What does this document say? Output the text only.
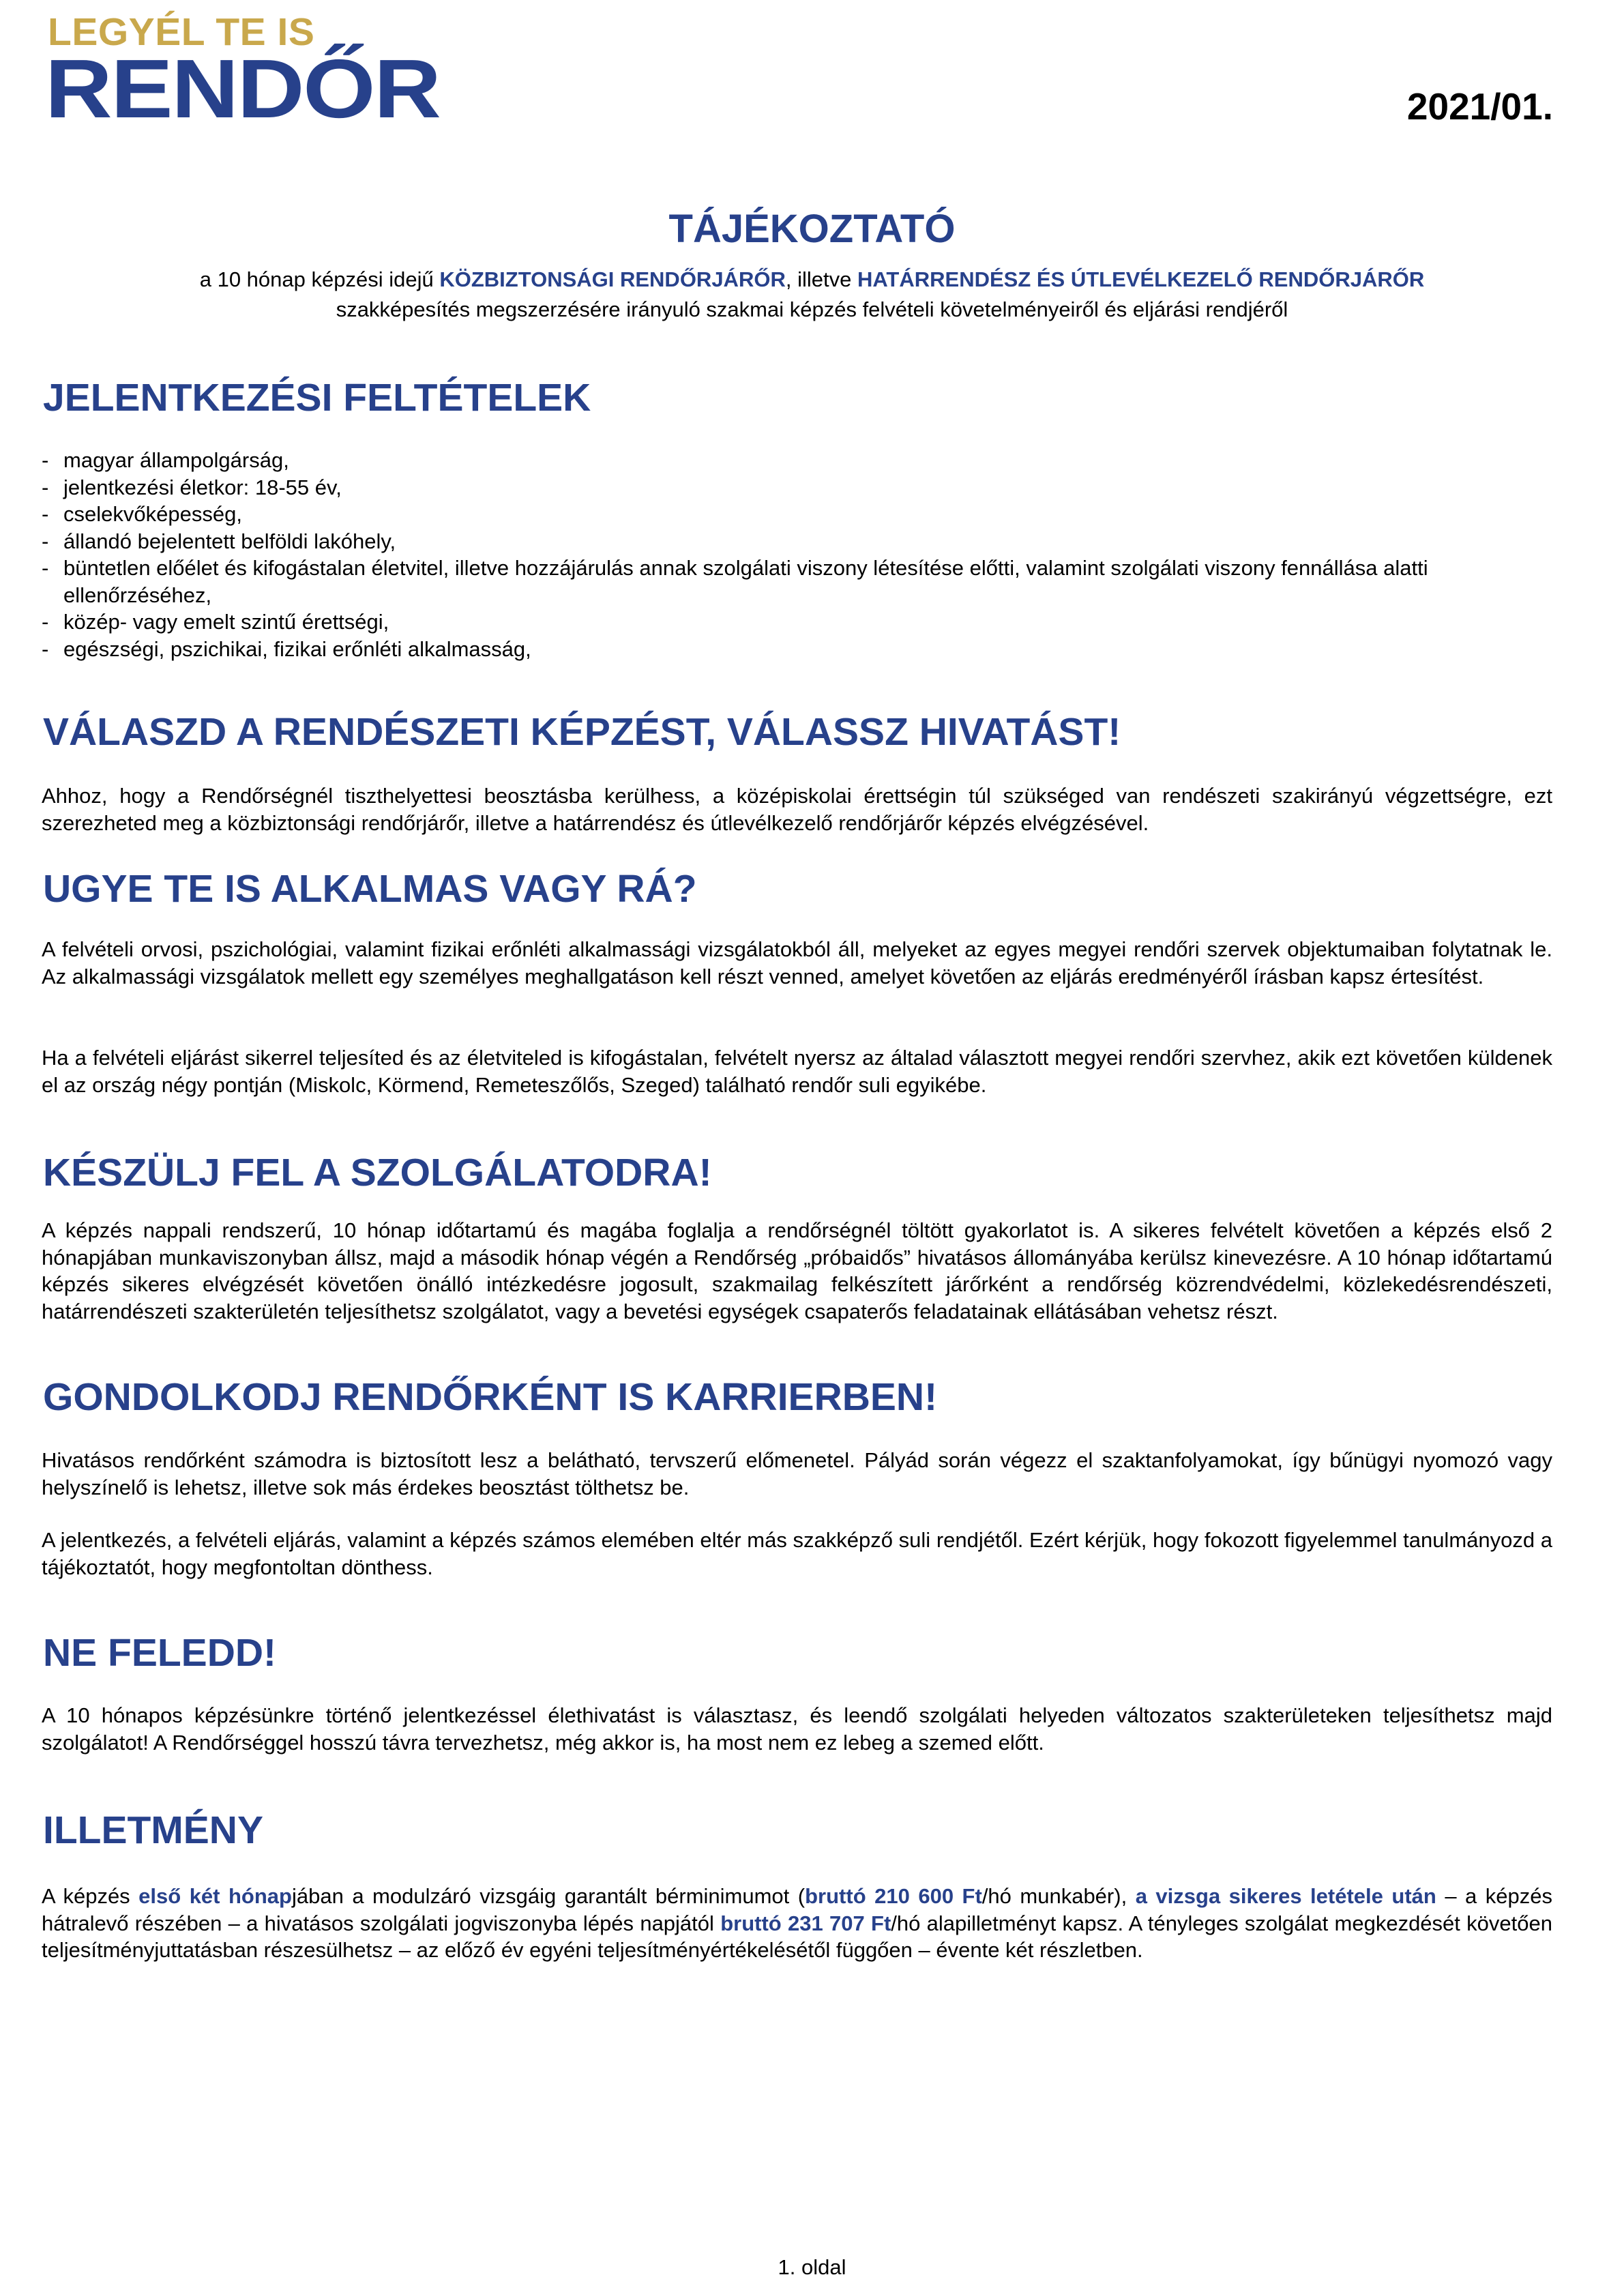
LEGYÉL TE IS
RENDŐR	2021/01.
TÁJÉKOZTATÓ
a 10 hónap képzési idejű KÖZBIZTONSÁGI RENDŐRJÁRŐR, illetve HATÁRRENDÉSZ ÉS ÚTLEVÉLKEZELŐ RENDŐRJÁRŐR
szakképesítés megszerzésére irányuló szakmai képzés felvételi követelményeiről és eljárási rendjéről
JELENTKEZÉSI FELTÉTELEK
- magyar állampolgárság,
- jelentkezési életkor: 18-55 év,
- cselekvőképesség,
- állandó bejelentett belföldi lakóhely,
- büntetlen előélet és kifogástalan életvitel, illetve hozzájárulás annak szolgálati viszony létesítése előtti, valamint szolgálati viszony fennállása alatti ellenőrzéséhez,
- közép- vagy emelt szintű érettségi,
- egészségi, pszichikai, fizikai erőnléti alkalmasság,
VÁLASZD A RENDÉSZETI KÉPZÉST, VÁLASSZ HIVATÁST!

Ahhoz, hogy a Rendőrségnél tiszthelyettesi beosztásba kerülhess, a középiskolai érettségin túl szükséged van rendészeti szakirányú végzettségre, ezt szerezheted meg a közbiztonsági rendőrjárőr, illetve a határrendész és útlevélkezelő rendőrjárőr képzés elvégzésével.

UGYE TE IS ALKALMAS VAGY RÁ?

A felvételi orvosi, pszichológiai, valamint fizikai erőnléti alkalmassági vizsgálatokból áll, melyeket az egyes megyei rendőri szervek objektumaiban folytatnak le. Az alkalmassági vizsgálatok mellett egy személyes meghallgatáson kell részt venned, amelyet követően az eljárás eredményéről írásban kapsz értesítést.

Ha a felvételi eljárást sikerrel teljesíted és az életviteled is kifogástalan, felvételt nyersz az általad választott megyei rendőri szervhez, akik ezt követően küldenek el az ország négy pontján (Miskolc, Körmend, Remeteszőlős, Szeged) található rendőr suli egyikébe.

KÉSZÜLJ FEL A SZOLGÁLATODRA!

A képzés nappali rendszerű, 10 hónap időtartamú és magába foglalja a rendőrségnél töltött gyakorlatot is. A sikeres felvételt követően a képzés első 2 hónapjában munkaviszonyban állsz, majd a második hónap végén a Rendőrség „próbaidős” hivatásos állományába kerülsz kinevezésre. A 10 hónap időtartamú képzés sikeres elvégzését követően önálló intézkedésre jogosult, szakmailag felkészített járőrként a rendőrség közrendvédelmi, közlekedésrendészeti, határrendészeti szakterületén teljesíthetsz szolgálatot, vagy a bevetési egységek csapaterős feladatainak ellátásában vehetsz részt.

GONDOLKODJ RENDŐRKÉNT IS KARRIERBEN!

Hivatásos rendőrként számodra is biztosított lesz a belátható, tervszerű előmenetel. Pályád során végezz el szaktanfolyamokat, így bűnügyi nyomozó vagy helyszínelő is lehetsz, illetve sok más érdekes beosztást tölthetsz be.

A jelentkezés, a felvételi eljárás, valamint a képzés számos elemében eltér más szakképző suli rendjétől. Ezért kérjük, hogy fokozott figyelemmel tanulmányozd a tájékoztatót, hogy megfontoltan dönthess.

NE FELEDD!

A 10 hónapos képzésünkre történő jelentkezéssel élethivatást is választasz, és leendő szolgálati helyeden változatos szakterületeken teljesíthetsz majd szolgálatot! A Rendőrséggel hosszú távra tervezhetsz, még akkor is, ha most nem ez lebeg a szemed előtt.

ILLETMÉNY

A képzés első két hónapjában a modulzáró vizsgáig garantált bérminimumot (bruttó 210 600 Ft/hó munkabér), a vizsga sikeres letétele után – a képzés hátralevő részében – a hivatásos szolgálati jogviszonyba lépés napjától bruttó 231 707 Ft/hó alapilletményt kapsz. A tényleges szolgálat megkezdését követően teljesítményjuttatásban részesülhetsz – az előző év egyéni teljesítményértékelésétől függően – évente két részletben.

1. oldal
